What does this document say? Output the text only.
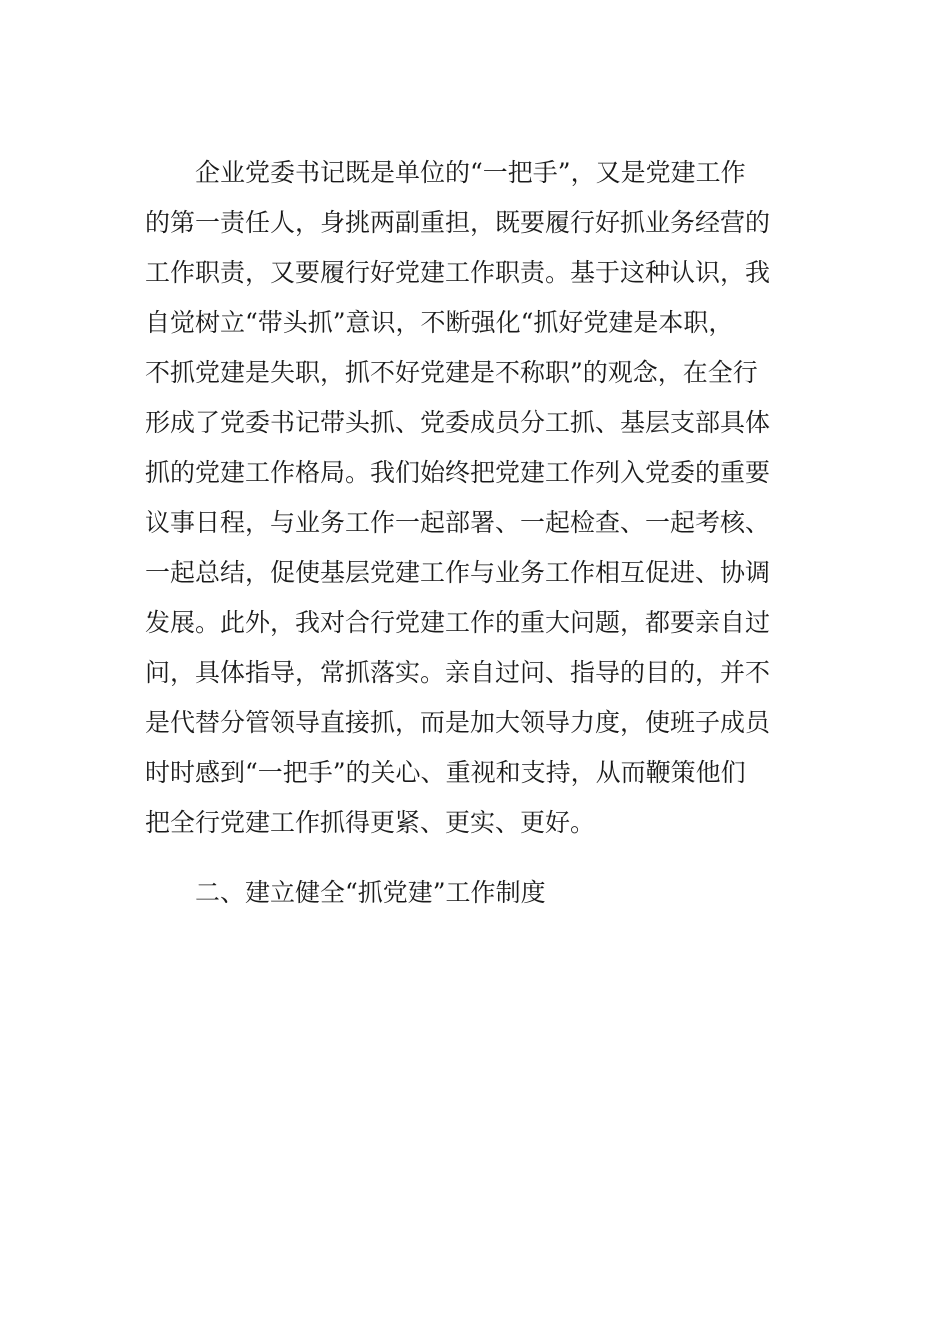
企业党委书记既是单位的“一把手”，又是党建工作
的第一责任人，身挑两副重担，既要履行好抓业务经营的
工作职责，又要履行好党建工作职责。基于这种认识，我
自觉树立“带头抓”意识，不断强化“抓好党建是本职，
不抓党建是失职，抓不好党建是不称职”的观念，在全行
形成了党委书记带头抓、党委成员分工抓、基层支部具体
抓的党建工作格局。我们始终把党建工作列入党委的重要
议事日程，与业务工作一起部署、一起检查、一起考核、
一起总结，促使基层党建工作与业务工作相互促进、协调
发展。此外，我对合行党建工作的重大问题，都要亲自过
问，具体指导，常抓落实。亲自过问、指导的目的，并不
是代替分管领导直接抓，而是加大领导力度，使班子成员
时时感到“一把手”的关心、重视和支持，从而鞭策他们
把全行党建工作抓得更紧、更实、更好。
二、建立健全“抓党建”工作制度
